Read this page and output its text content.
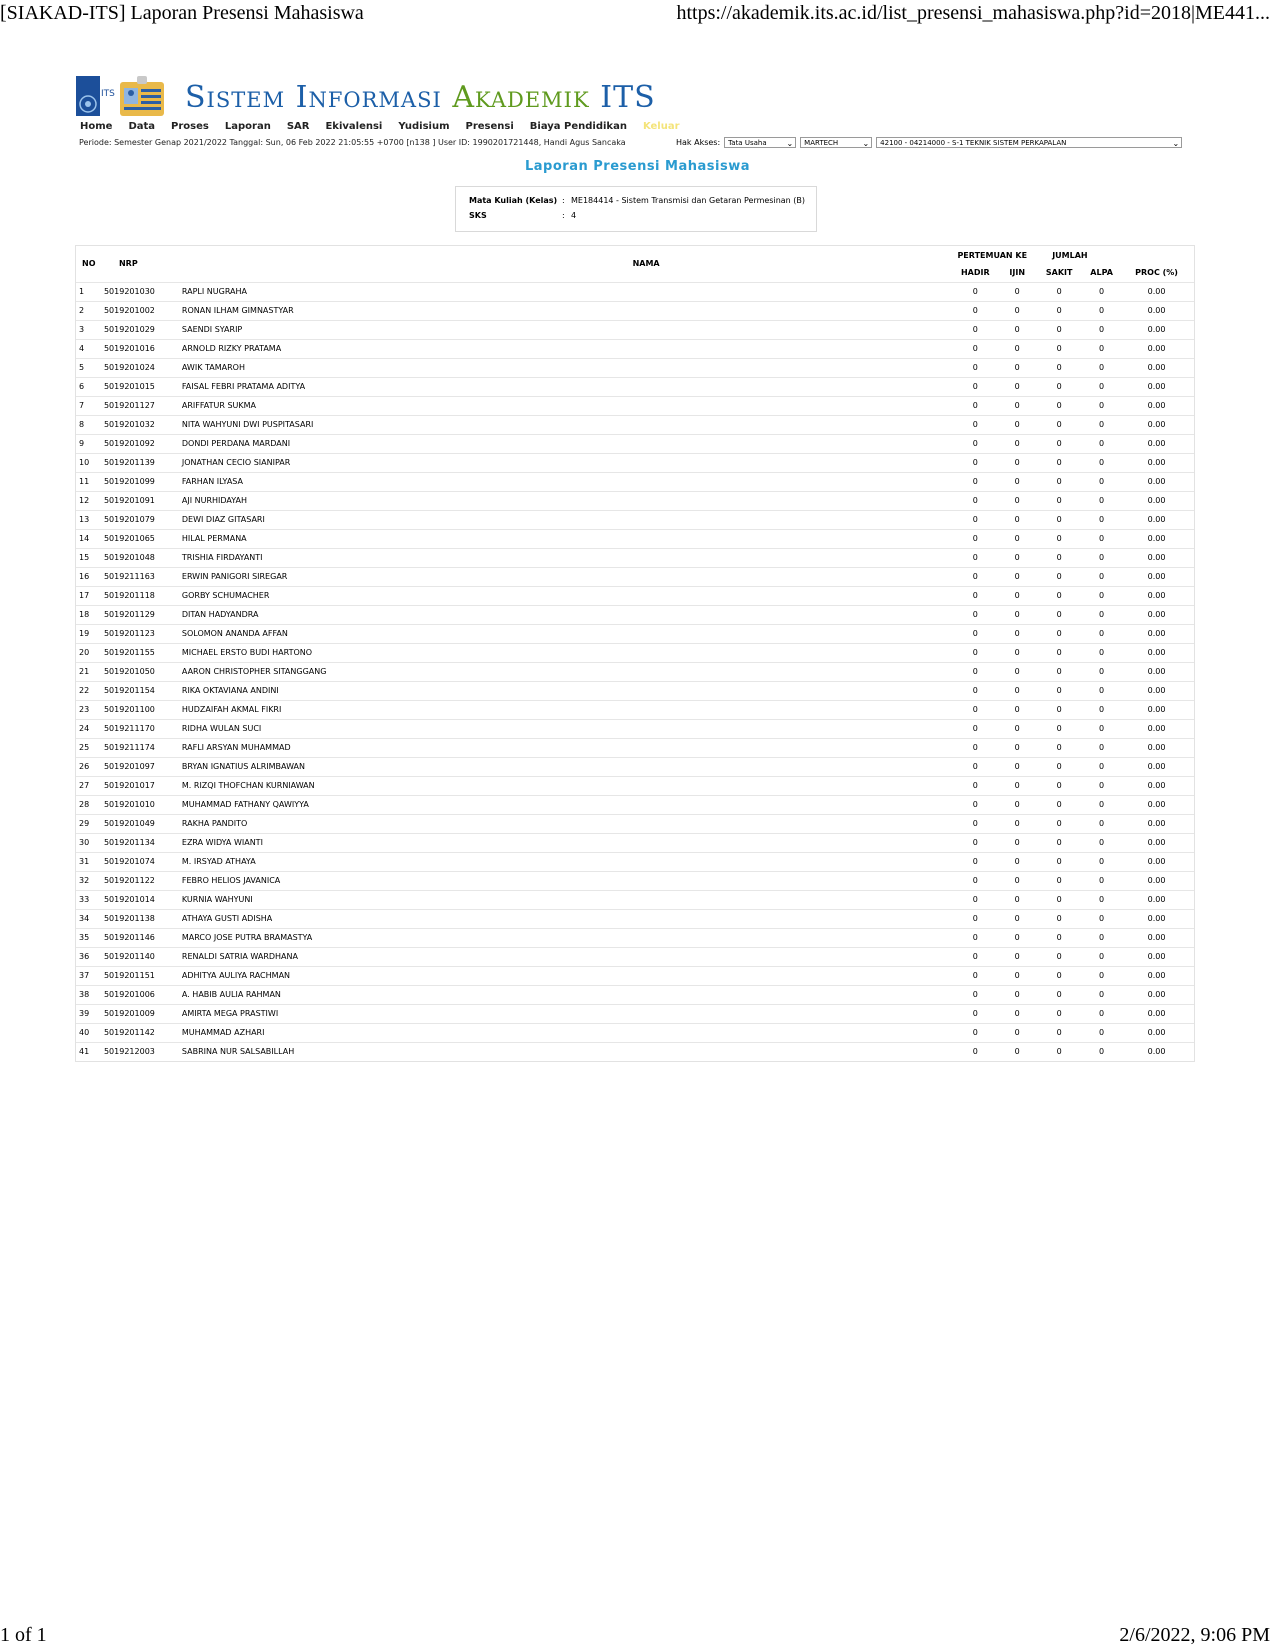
[SIAKAD-ITS] Laporan Presensi Mahasiswa	https://akademik.its.ac.id/list_presensi_mahasiswa.php?id=2018|ME441...
ITS Sistem Informasi Akademik ITS
Home Data Proses Laporan SAR Ekivalensi Yudisium Presensi Biaya Pendidikan Keluar
Periode: Semester Genap 2021/2022 Tanggal: Sun, 06 Feb 2022 21:05:55 +0700 [n138 ] User ID: 1990201721448, Handi Agus Sancaka	Hak Akses:	Tata Usaha ⌄	MARTECH	⌄	42100 - 04214000 - S-1 TEKNIK SISTEM PERKAPALAN	⌄
Laporan Presensi Mahasiswa
Mata Kuliah (Kelas) : ME184414 - Sistem Transmisi dan Getaran Permesinan (B)
SKS	: 4
NO	NRP	NAMA	PERTEMUAN KE		JUMLAH		
			HADIR	IJIN	SAKIT	ALPA	PROC (%)
1	5019201030	RAPLI NUGRAHA	0	0	0	0	0.00
2	5019201002	RONAN ILHAM GIMNASTYAR	0	0	0	0	0.00
3	5019201029	SAENDI SYARIP	0	0	0	0	0.00
4	5019201016	ARNOLD RIZKY PRATAMA	0	0	0	0	0.00
5	5019201024	AWIK TAMAROH	0	0	0	0	0.00
6	5019201015	FAISAL FEBRI PRATAMA ADITYA	0	0	0	0	0.00
7	5019201127	ARIFFATUR SUKMA	0	0	0	0	0.00
8	5019201032	NITA WAHYUNI DWI PUSPITASARI	0	0	0	0	0.00
9	5019201092	DONDI PERDANA MARDANI	0	0	0	0	0.00
10	5019201139	JONATHAN CECIO SIANIPAR	0	0	0	0	0.00
11	5019201099	FARHAN ILYASA	0	0	0	0	0.00
12	5019201091	AJI NURHIDAYAH	0	0	0	0	0.00
13	5019201079	DEWI DIAZ GITASARI	0	0	0	0	0.00
14	5019201065	HILAL PERMANA	0	0	0	0	0.00
15	5019201048	TRISHIA FIRDAYANTI	0	0	0	0	0.00
16	5019211163	ERWIN PANIGORI SIREGAR	0	0	0	0	0.00
17	5019201118	GORBY SCHUMACHER	0	0	0	0	0.00
18	5019201129	DITAN HADYANDRA	0	0	0	0	0.00
19	5019201123	SOLOMON ANANDA AFFAN	0	0	0	0	0.00
20	5019201155	MICHAEL ERSTO BUDI HARTONO	0	0	0	0	0.00
21	5019201050	AARON CHRISTOPHER SITANGGANG	0	0	0	0	0.00
22	5019201154	RIKA OKTAVIANA ANDINI	0	0	0	0	0.00
23	5019201100	HUDZAIFAH AKMAL FIKRI	0	0	0	0	0.00
24	5019211170	RIDHA WULAN SUCI	0	0	0	0	0.00
25	5019211174	RAFLI ARSYAN MUHAMMAD	0	0	0	0	0.00
26	5019201097	BRYAN IGNATIUS ALRIMBAWAN	0	0	0	0	0.00
27	5019201017	M. RIZQI THOFCHAN KURNIAWAN	0	0	0	0	0.00
28	5019201010	MUHAMMAD FATHANY QAWIYYA	0	0	0	0	0.00
29	5019201049	RAKHA PANDITO	0	0	0	0	0.00
30	5019201134	EZRA WIDYA WIANTI	0	0	0	0	0.00
31	5019201074	M. IRSYAD ATHAYA	0	0	0	0	0.00
32	5019201122	FEBRO HELIOS JAVANICA	0	0	0	0	0.00
33	5019201014	KURNIA WAHYUNI	0	0	0	0	0.00
34	5019201138	ATHAYA GUSTI ADISHA	0	0	0	0	0.00
35	5019201146	MARCO JOSE PUTRA BRAMASTYA	0	0	0	0	0.00
36	5019201140	RENALDI SATRIA WARDHANA	0	0	0	0	0.00
37	5019201151	ADHITYA AULIYA RACHMAN	0	0	0	0	0.00
38	5019201006	A. HABIB AULIA RAHMAN	0	0	0	0	0.00
39	5019201009	AMIRTA MEGA PRASTIWI	0	0	0	0	0.00
40	5019201142	MUHAMMAD AZHARI	0	0	0	0	0.00
41	5019212003	SABRINA NUR SALSABILLAH	0	0	0	0	0.00
1 of 1	2/6/2022, 9:06 PM
